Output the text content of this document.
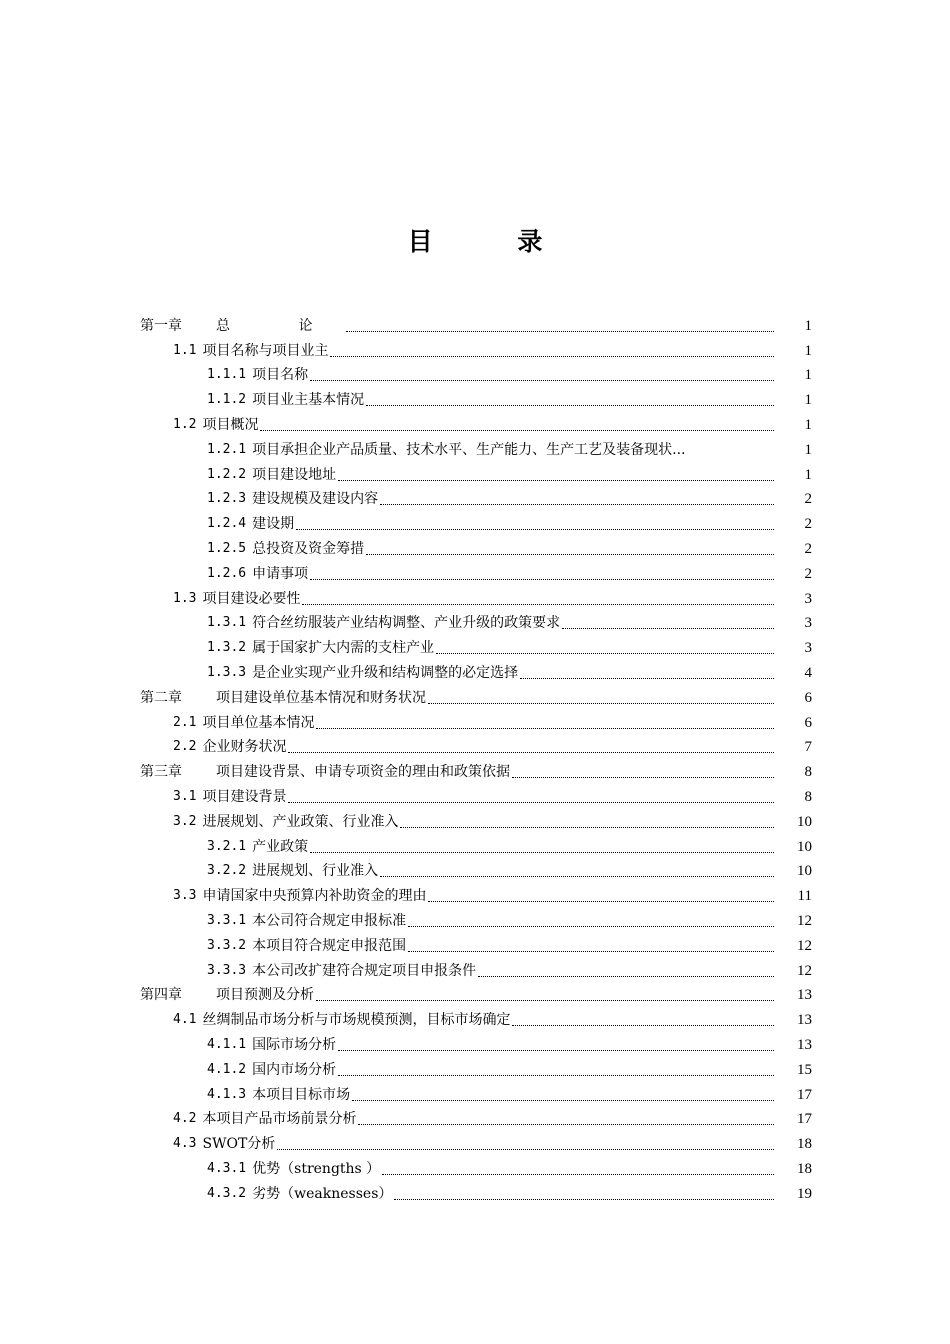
目 录
第一章 总 论	1
1.1 项目名称与项目业主	1
1.1.1 项目名称	1
1.1.2 项目业主基本情况	1
1.2 项目概况	1
1.2.1 项目承担企业产品质量、技术水平、生产能力、生产工艺及装备现状...	1
1.2.2 项目建设地址	1
1.2.3 建设规模及建设内容	2
1.2.4 建设期	2
1.2.5 总投资及资金筹措	2
1.2.6 申请事项	2
1.3 项目建设必要性	3
1.3.1 符合丝纺服装产业结构调整、产业升级的政策要求	3
1.3.2 属于国家扩大内需的支柱产业	3
1.3.3 是企业实现产业升级和结构调整的必定选择	4
第二章 项目建设单位基本情况和财务状况	6
2.1 项目单位基本情况	6
2.2 企业财务状况	7
第三章 项目建设背景、申请专项资金的理由和政策依据	8
3.1 项目建设背景	8
3.2 进展规划、产业政策、行业准入	10
3.2.1 产业政策	10
3.2.2 进展规划、行业准入	10
3.3 申请国家中央预算内补助资金的理由	11
3.3.1 本公司符合规定申报标准	12
3.3.2 本项目符合规定申报范围	12
3.3.3 本公司改扩建符合规定项目申报条件	12
第四章 项目预测及分析	13
4.1 丝绸制品市场分析与市场规模预测，目标市场确定	13
4.1.1 国际市场分析	13
4.1.2 国内市场分析	15
4.1.3 本项目目标市场	17
4.2 本项目产品市场前景分析	17
4.3 SWOT分析	18
4.3.1 优势（strengths ）	18
4.3.2 劣势（weaknesses）	19
